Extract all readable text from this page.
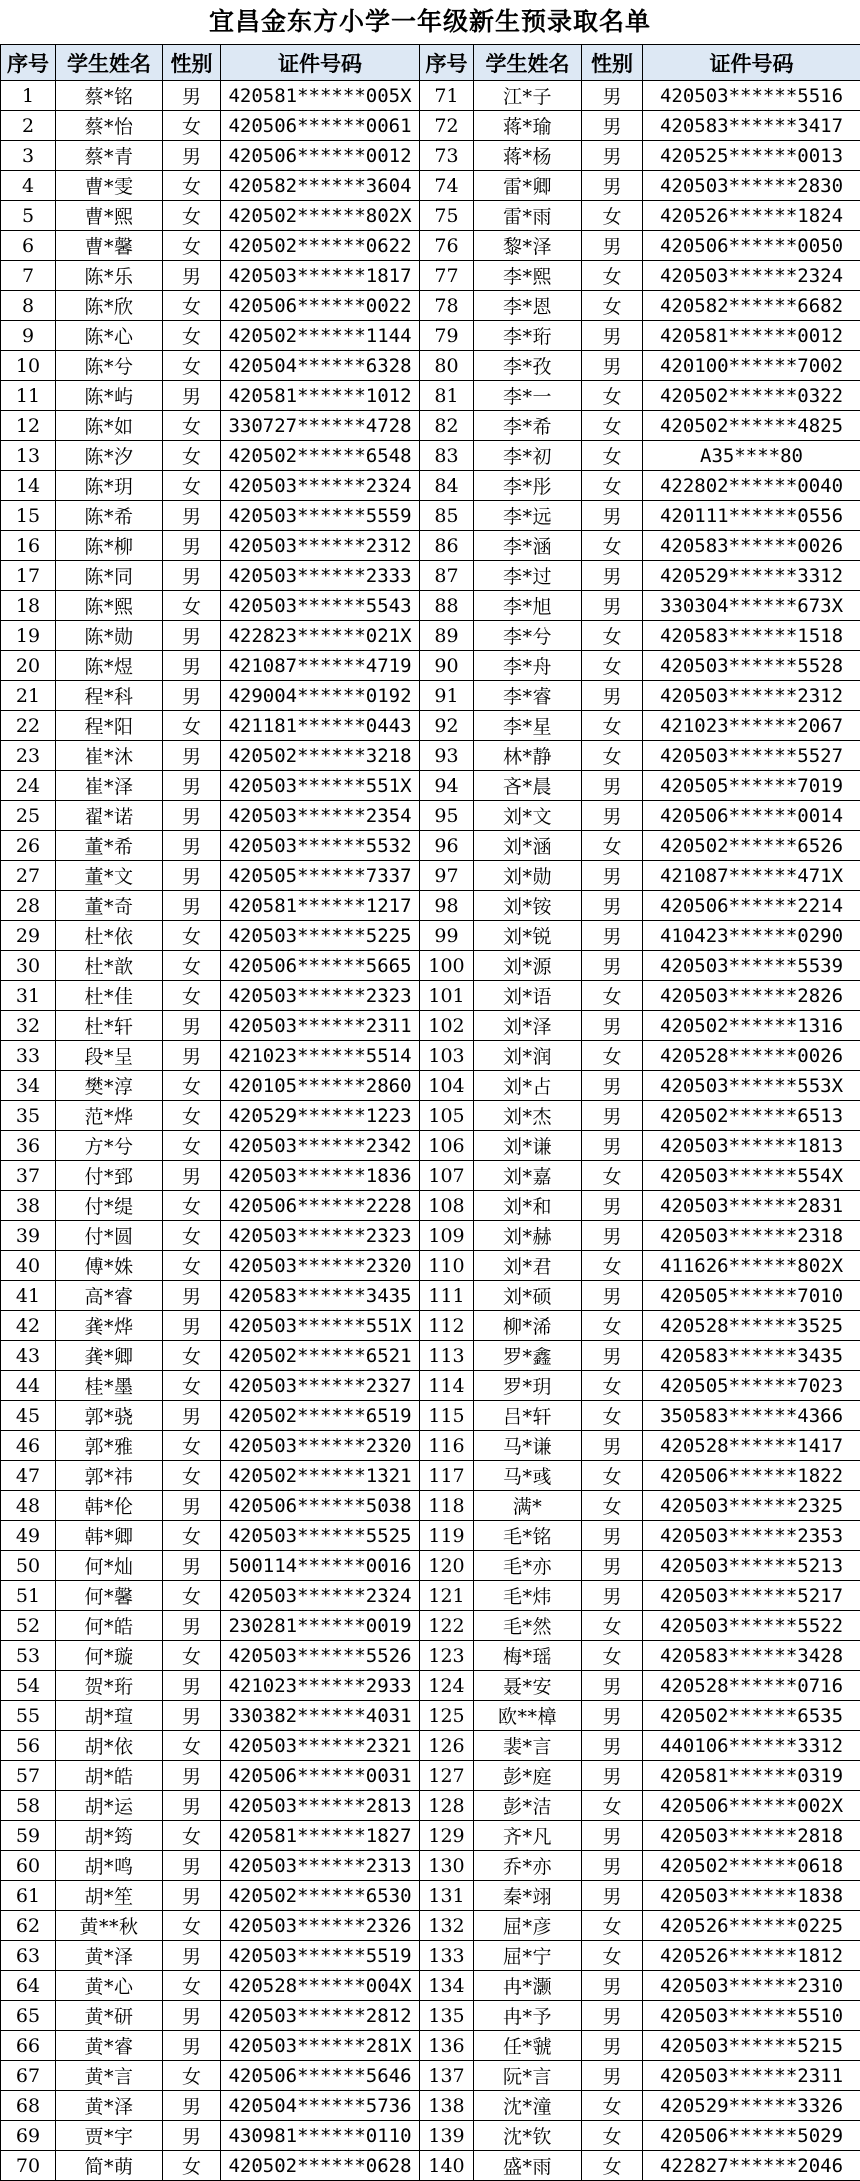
宜昌金东方小学一年级新生预录取名单
序号	学生姓名	性别	证件号码	序号	学生姓名	性别	证件号码
1	蔡*铭	男	420581******005X	71	江*子	男	420503******5516
2	蔡*怡	女	420506******0061	72	蒋*瑜	男	420583******3417
3	蔡*青	男	420506******0012	73	蒋*杨	男	420525******0013
4	曹*雯	女	420582******3604	74	雷*卿	男	420503******2830
5	曹*熙	女	420502******802X	75	雷*雨	女	420526******1824
6	曹*馨	女	420502******0622	76	黎*泽	男	420506******0050
7	陈*乐	男	420503******1817	77	李*熙	女	420503******2324
8	陈*欣	女	420506******0022	78	李*恩	女	420582******6682
9	陈*心	女	420502******1144	79	李*珩	男	420581******0012
10	陈*兮	女	420504******6328	80	李*孜	男	420100******7002
11	陈*屿	男	420581******1012	81	李*一	女	420502******0322
12	陈*如	女	330727******4728	82	李*希	女	420502******4825
13	陈*汐	女	420502******6548	83	李*初	女	A35****80
14	陈*玥	女	420503******2324	84	李*彤	女	422802******0040
15	陈*希	男	420503******5559	85	李*远	男	420111******0556
16	陈*柳	男	420503******2312	86	李*涵	女	420583******0026
17	陈*同	男	420503******2333	87	李*过	男	420529******3312
18	陈*熙	女	420503******5543	88	李*旭	男	330304******673X
19	陈*勋	男	422823******021X	89	李*兮	女	420583******1518
20	陈*煜	男	421087******4719	90	李*舟	女	420503******5528
21	程*科	男	429004******0192	91	李*睿	男	420503******2312
22	程*阳	女	421181******0443	92	李*星	女	421023******2067
23	崔*沐	男	420502******3218	93	林*静	女	420503******5527
24	崔*泽	男	420503******551X	94	吝*晨	男	420505******7019
25	翟*诺	男	420503******2354	95	刘*文	男	420506******0014
26	董*希	男	420503******5532	96	刘*涵	女	420502******6526
27	董*文	男	420505******7337	97	刘*勋	男	421087******471X
28	董*奇	男	420581******1217	98	刘*铵	男	420506******2214
29	杜*依	女	420503******5225	99	刘*锐	男	410423******0290
30	杜*歆	女	420506******5665	100	刘*源	男	420503******5539
31	杜*佳	女	420503******2323	101	刘*语	女	420503******2826
32	杜*轩	男	420503******2311	102	刘*泽	男	420502******1316
33	段*呈	男	421023******5514	103	刘*润	女	420528******0026
34	樊*淳	女	420105******2860	104	刘*占	男	420503******553X
35	范*烨	女	420529******1223	105	刘*杰	男	420502******6513
36	方*兮	女	420503******2342	106	刘*谦	男	420503******1813
37	付*郅	男	420503******1836	107	刘*嘉	女	420503******554X
38	付*缇	女	420506******2228	108	刘*和	男	420503******2831
39	付*圆	女	420503******2323	109	刘*赫	男	420503******2318
40	傅*姝	女	420503******2320	110	刘*君	女	411626******802X
41	高*睿	男	420583******3435	111	刘*硕	男	420505******7010
42	龚*烨	男	420503******551X	112	柳*浠	女	420528******3525
43	龚*卿	女	420502******6521	113	罗*鑫	男	420583******3435
44	桂*墨	女	420503******2327	114	罗*玥	女	420505******7023
45	郭*骁	男	420502******6519	115	吕*轩	女	350583******4366
46	郭*雅	女	420503******2320	116	马*谦	男	420528******1417
47	郭*祎	女	420502******1321	117	马*彧	女	420506******1822
48	韩*伦	男	420506******5038	118	满*	女	420503******2325
49	韩*卿	女	420503******5525	119	毛*铭	男	420503******2353
50	何*灿	男	500114******0016	120	毛*亦	男	420503******5213
51	何*馨	女	420503******2324	121	毛*炜	男	420503******5217
52	何*皓	男	230281******0019	122	毛*然	女	420503******5522
53	何*璇	女	420503******5526	123	梅*瑶	女	420583******3428
54	贺*珩	男	421023******2933	124	聂*安	男	420528******0716
55	胡*瑄	男	330382******4031	125	欧**樟	男	420502******6535
56	胡*依	女	420503******2321	126	裴*言	男	440106******3312
57	胡*皓	男	420506******0031	127	彭*庭	男	420581******0319
58	胡*运	男	420503******2813	128	彭*洁	女	420506******002X
59	胡*筠	女	420581******1827	129	齐*凡	男	420503******2818
60	胡*鸣	男	420503******2313	130	乔*亦	男	420502******0618
61	胡*笙	男	420502******6530	131	秦*翊	男	420503******1838
62	黄**秋	女	420503******2326	132	屈*彦	女	420526******0225
63	黄*泽	男	420503******5519	133	屈*宁	女	420526******1812
64	黄*心	女	420528******004X	134	冉*灏	男	420503******2310
65	黄*研	男	420503******2812	135	冉*予	男	420503******5510
66	黄*睿	男	420503******281X	136	任*虢	男	420503******5215
67	黄*言	女	420506******5646	137	阮*言	男	420503******2311
68	黄*泽	男	420504******5736	138	沈*潼	女	420529******3326
69	贾*宇	男	430981******0110	139	沈*钦	女	420506******5029
70	简*萌	女	420502******0628	140	盛*雨	女	422827******2046
